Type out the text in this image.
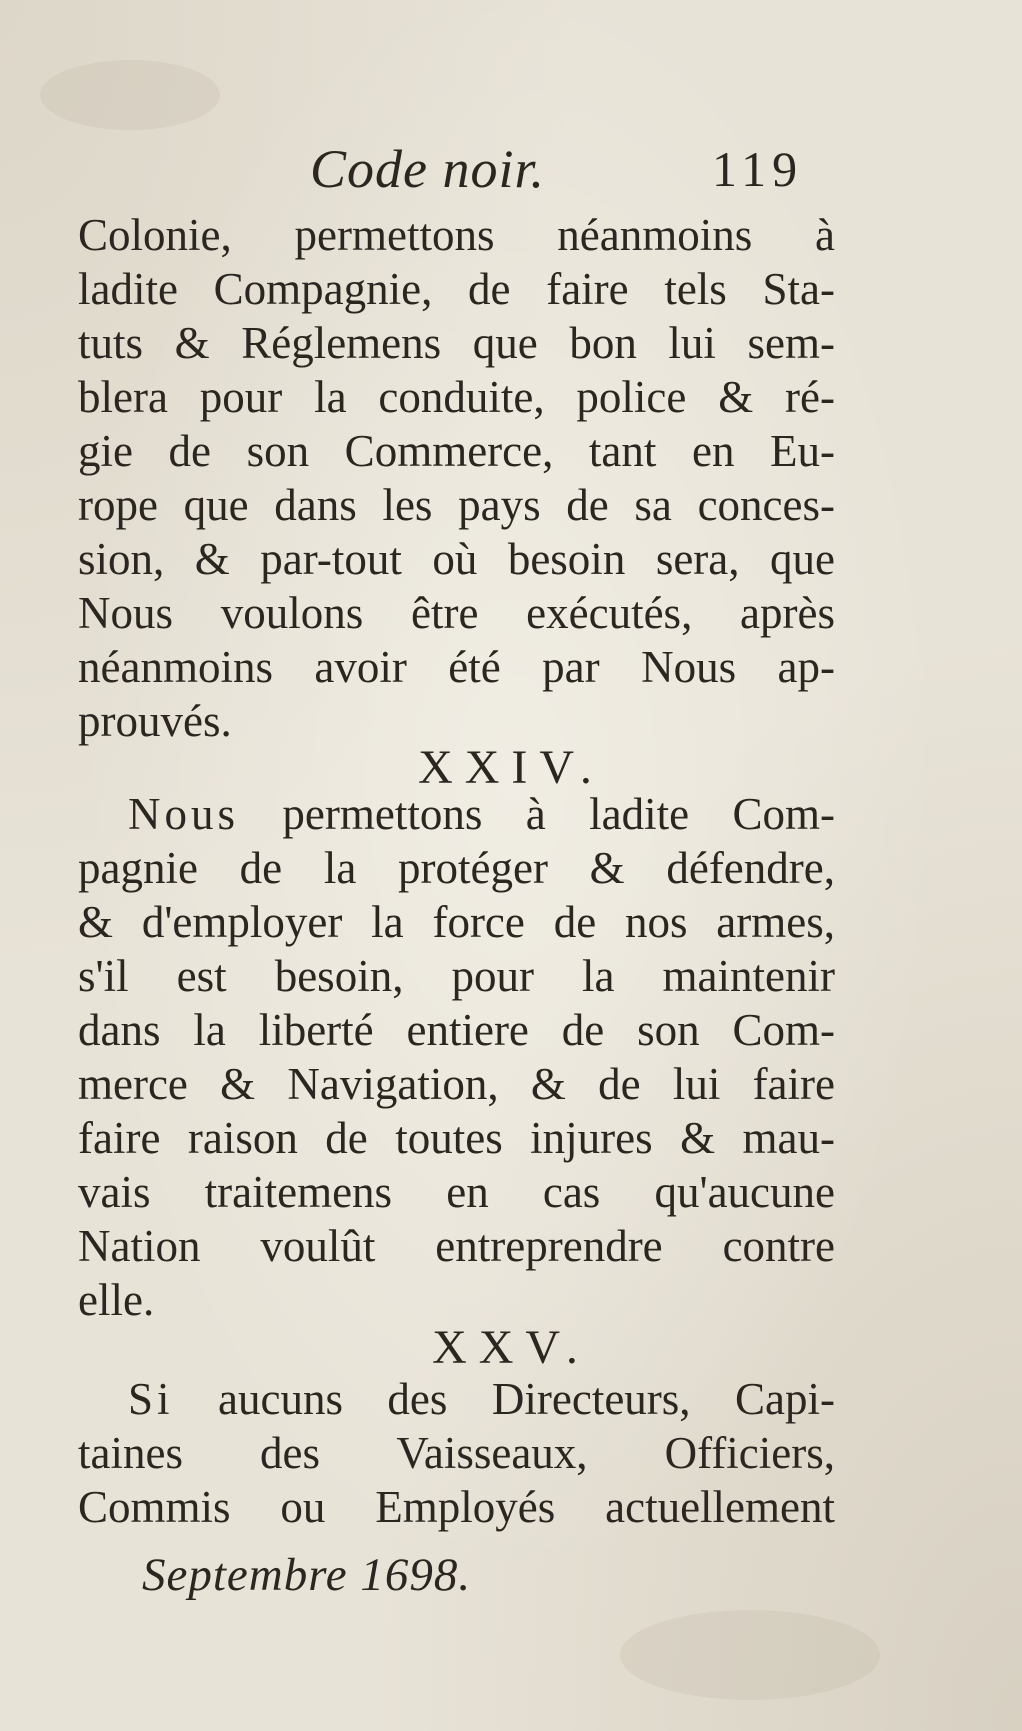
Code noir.	119
Colonie, permettons néanmoins à
ladite Compagnie, de faire tels Sta-
tuts & Réglemens que bon lui sem-
blera pour la conduite, police & ré-
gie de son Commerce, tant en Eu-
rope que dans les pays de sa conces-
sion, & par-tout où besoin sera, que
Nous voulons être exécutés, après
néanmoins avoir été par Nous ap-
prouvés.
XXIV.
Nous permettons à ladite Com-
pagnie de la protéger & défendre,
& d'employer la force de nos armes,
s'il est besoin, pour la maintenir
dans la liberté entiere de son Com-
merce & Navigation, & de lui faire
faire raison de toutes injures & mau-
vais traitemens en cas qu'aucune
Nation voulût entreprendre contre
elle.
XXV.
Si aucuns des Directeurs, Capi-
taines des Vaisseaux, Officiers,
Commis ou Employés actuellement
Septembre 1698.
